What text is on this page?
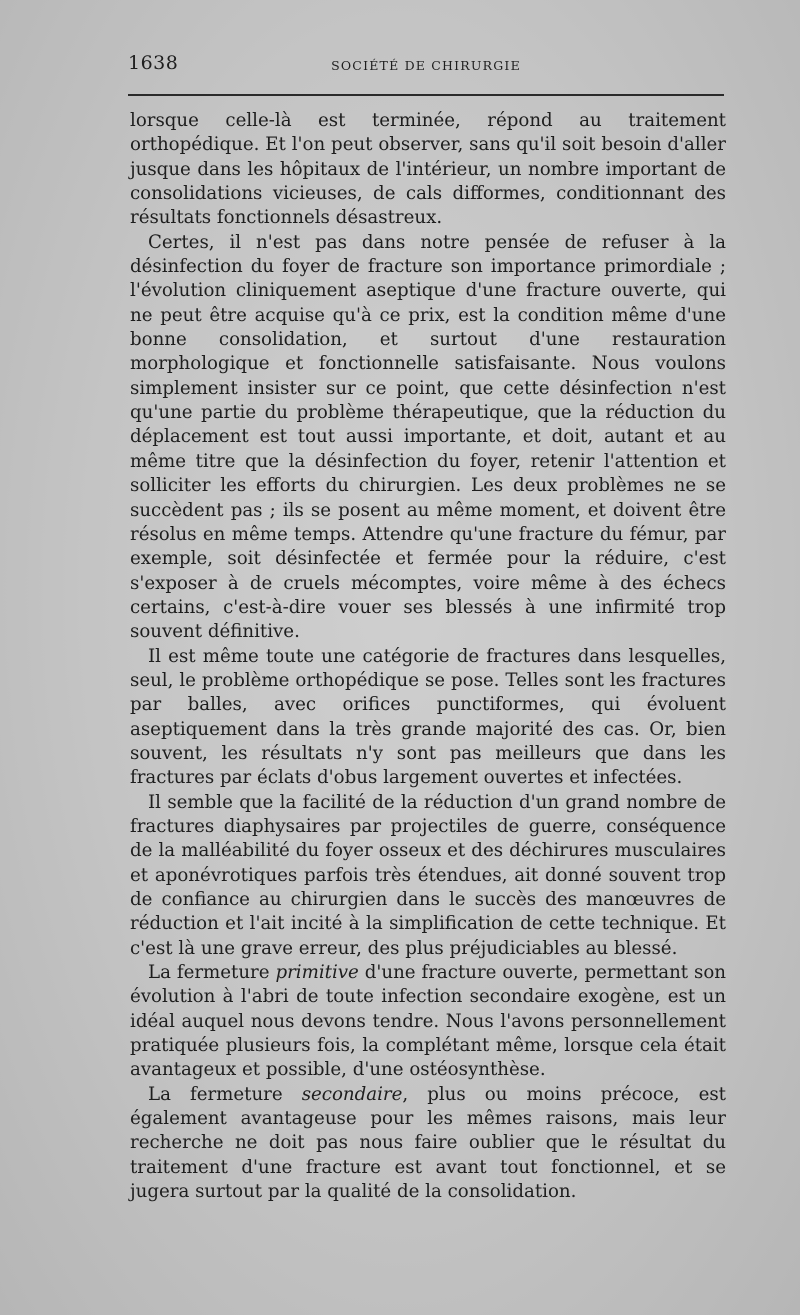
1638	SOCIÉTÉ DE CHIRURGIE

lorsque celle-là est terminée, répond au traitement orthopédique. Et l'on peut observer, sans qu'il soit besoin d'aller jusque dans les hôpitaux de l'intérieur, un nombre important de consolidations vicieuses, de cals difformes, conditionnant des résultats fonctionnels désastreux.

Certes, il n'est pas dans notre pensée de refuser à la désinfection du foyer de fracture son importance primordiale ; l'évolution cliniquement aseptique d'une fracture ouverte, qui ne peut être acquise qu'à ce prix, est la condition même d'une bonne consolidation, et surtout d'une restauration morphologique et fonctionnelle satisfaisante. Nous voulons simplement insister sur ce point, que cette désinfection n'est qu'une partie du problème thérapeutique, que la réduction du déplacement est tout aussi importante, et doit, autant et au même titre que la désinfection du foyer, retenir l'attention et solliciter les efforts du chirurgien. Les deux problèmes ne se succèdent pas ; ils se posent au même moment, et doivent être résolus en même temps. Attendre qu'une fracture du fémur, par exemple, soit désinfectée et fermée pour la réduire, c'est s'exposer à de cruels mécomptes, voire même à des échecs certains, c'est-à-dire vouer ses blessés à une infirmité trop souvent définitive.

Il est même toute une catégorie de fractures dans lesquelles, seul, le problème orthopédique se pose. Telles sont les fractures par balles, avec orifices punctiformes, qui évoluent aseptiquement dans la très grande majorité des cas. Or, bien souvent, les résultats n'y sont pas meilleurs que dans les fractures par éclats d'obus largement ouvertes et infectées.

Il semble que la facilité de la réduction d'un grand nombre de fractures diaphysaires par projectiles de guerre, conséquence de la malléabilité du foyer osseux et des déchirures musculaires et aponévrotiques parfois très étendues, ait donné souvent trop de confiance au chirurgien dans le succès des manœuvres de réduction et l'ait incité à la simplification de cette technique. Et c'est là une grave erreur, des plus préjudiciables au blessé.

La fermeture primitive d'une fracture ouverte, permettant son évolution à l'abri de toute infection secondaire exogène, est un idéal auquel nous devons tendre. Nous l'avons personnellement pratiquée plusieurs fois, la complétant même, lorsque cela était avantageux et possible, d'une ostéosynthèse.

La fermeture secondaire, plus ou moins précoce, est également avantageuse pour les mêmes raisons, mais leur recherche ne doit pas nous faire oublier que le résultat du traitement d'une fracture est avant tout fonctionnel, et se jugera surtout par la qualité de la consolidation.
